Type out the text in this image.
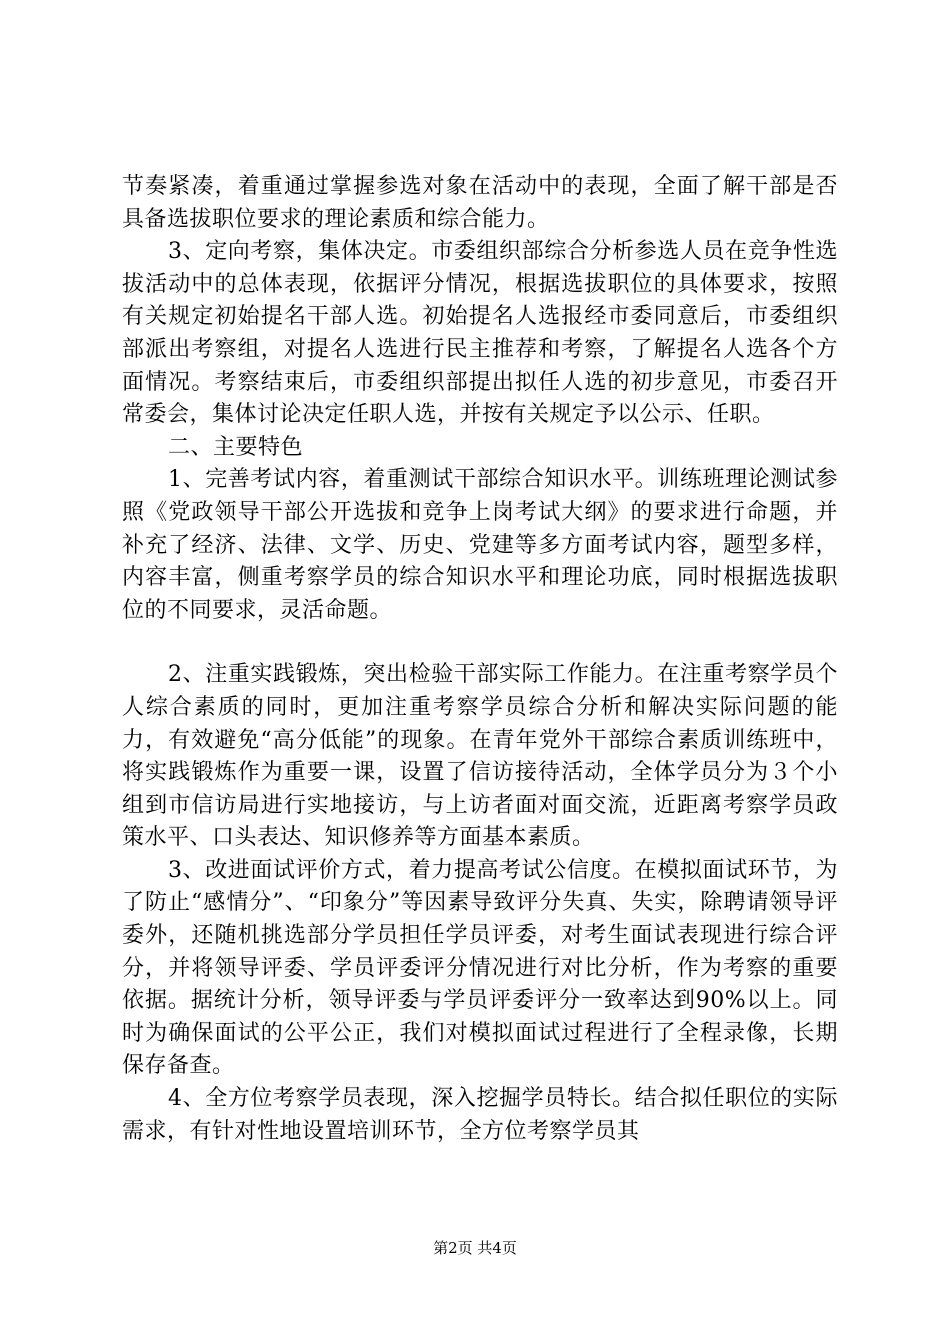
节奏紧凑，着重通过掌握参选对象在活动中的表现，全面了解干部是否具备选拔职位要求的理论素质和综合能力。

3、定向考察，集体决定。市委组织部综合分析参选人员在竞争性选拔活动中的总体表现，依据评分情况，根据选拔职位的具体要求，按照有关规定初始提名干部人选。初始提名人选报经市委同意后，市委组织部派出考察组，对提名人选进行民主推荐和考察，了解提名人选各个方面情况。考察结束后，市委组织部提出拟任人选的初步意见，市委召开常委会，集体讨论决定任职人选，并按有关规定予以公示、任职。

二、主要特色

1、完善考试内容，着重测试干部综合知识水平。训练班理论测试参照《党政领导干部公开选拔和竞争上岗考试大纲》的要求进行命题，并补充了经济、法律、文学、历史、党建等多方面考试内容，题型多样，内容丰富，侧重考察学员的综合知识水平和理论功底，同时根据选拔职位的不同要求，灵活命题。

2、注重实践锻炼，突出检验干部实际工作能力。在注重考察学员个人综合素质的同时，更加注重考察学员综合分析和解决实际问题的能力，有效避免“高分低能”的现象。在青年党外干部综合素质训练班中，将实践锻炼作为重要一课，设置了信访接待活动，全体学员分为３个小组到市信访局进行实地接访，与上访者面对面交流，近距离考察学员政策水平、口头表达、知识修养等方面基本素质。

3、改进面试评价方式，着力提高考试公信度。在模拟面试环节，为了防止“感情分”、“印象分”等因素导致评分失真、失实，除聘请领导评委外，还随机挑选部分学员担任学员评委，对考生面试表现进行综合评分，并将领导评委、学员评委评分情况进行对比分析，作为考察的重要依据。据统计分析，领导评委与学员评委评分一致率达到90%以上。同时为确保面试的公平公正，我们对模拟面试过程进行了全程录像，长期保存备查。

4、全方位考察学员表现，深入挖掘学员特长。结合拟任职位的实际需求，有针对性地设置培训环节，全方位考察学员其

第2页 共4页
